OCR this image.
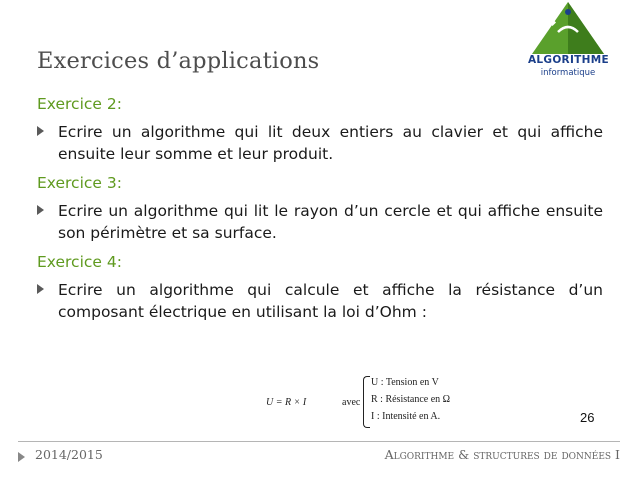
Exercices d’applications	ALGORITHME
informatique
Exercice 2:
Ecrire un algorithme qui lit deux entiers au clavier et qui affiche ensuite leur somme et leur produit.
Exercice 3:
Ecrire un algorithme qui lit le rayon d’un cercle et qui affiche ensuite son périmètre et sa surface.
Exercice 4:
Ecrire un algorithme qui calcule et affiche la résistance d’un composant électrique en utilisant la loi d’Ohm :
U = R × I	avec
U : Tension en V
R : Résistance en Ω
I : Intensité en A.	26
2014/2015	Algorithme & structures de données I
